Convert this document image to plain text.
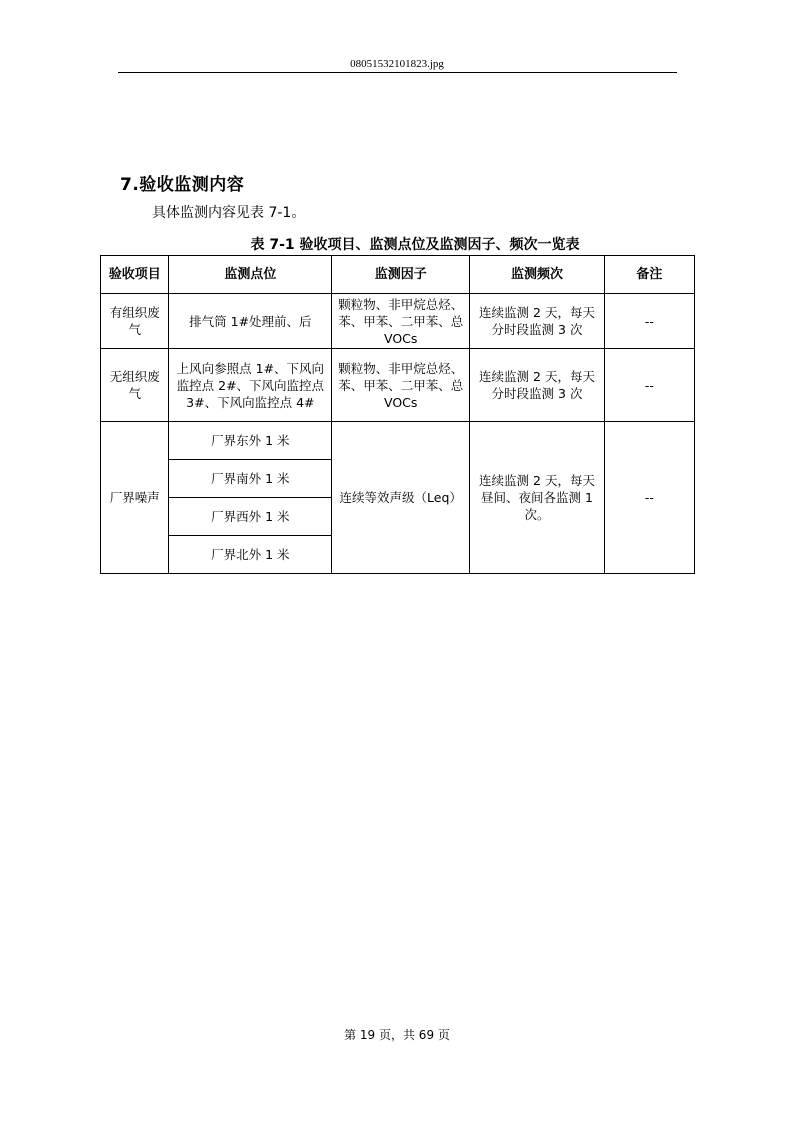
08051532101823.jpg
7.验收监测内容
具体监测内容见表 7-1。
表 7-1 验收项目、监测点位及监测因子、频次一览表
验收项目	监测点位	监测因子	监测频次	备注
有组织废气	排气筒 1#处理前、后	颗粒物、非甲烷总烃、苯、甲苯、二甲苯、总 VOCs	连续监测 2 天，每天分时段监测 3 次	--
无组织废气	上风向参照点 1#、下风向监控点 2#、下风向监控点 3#、下风向监控点 4#	颗粒物、非甲烷总烃、苯、甲苯、二甲苯、总 VOCs	连续监测 2 天，每天分时段监测 3 次	--
厂界噪声	厂界东外 1 米	连续等效声级（Leq）	连续监测 2 天，每天昼间、夜间各监测 1 次。	--
	厂界南外 1 米			
	厂界西外 1 米			
	厂界北外 1 米			
第 19 页，共 69 页
